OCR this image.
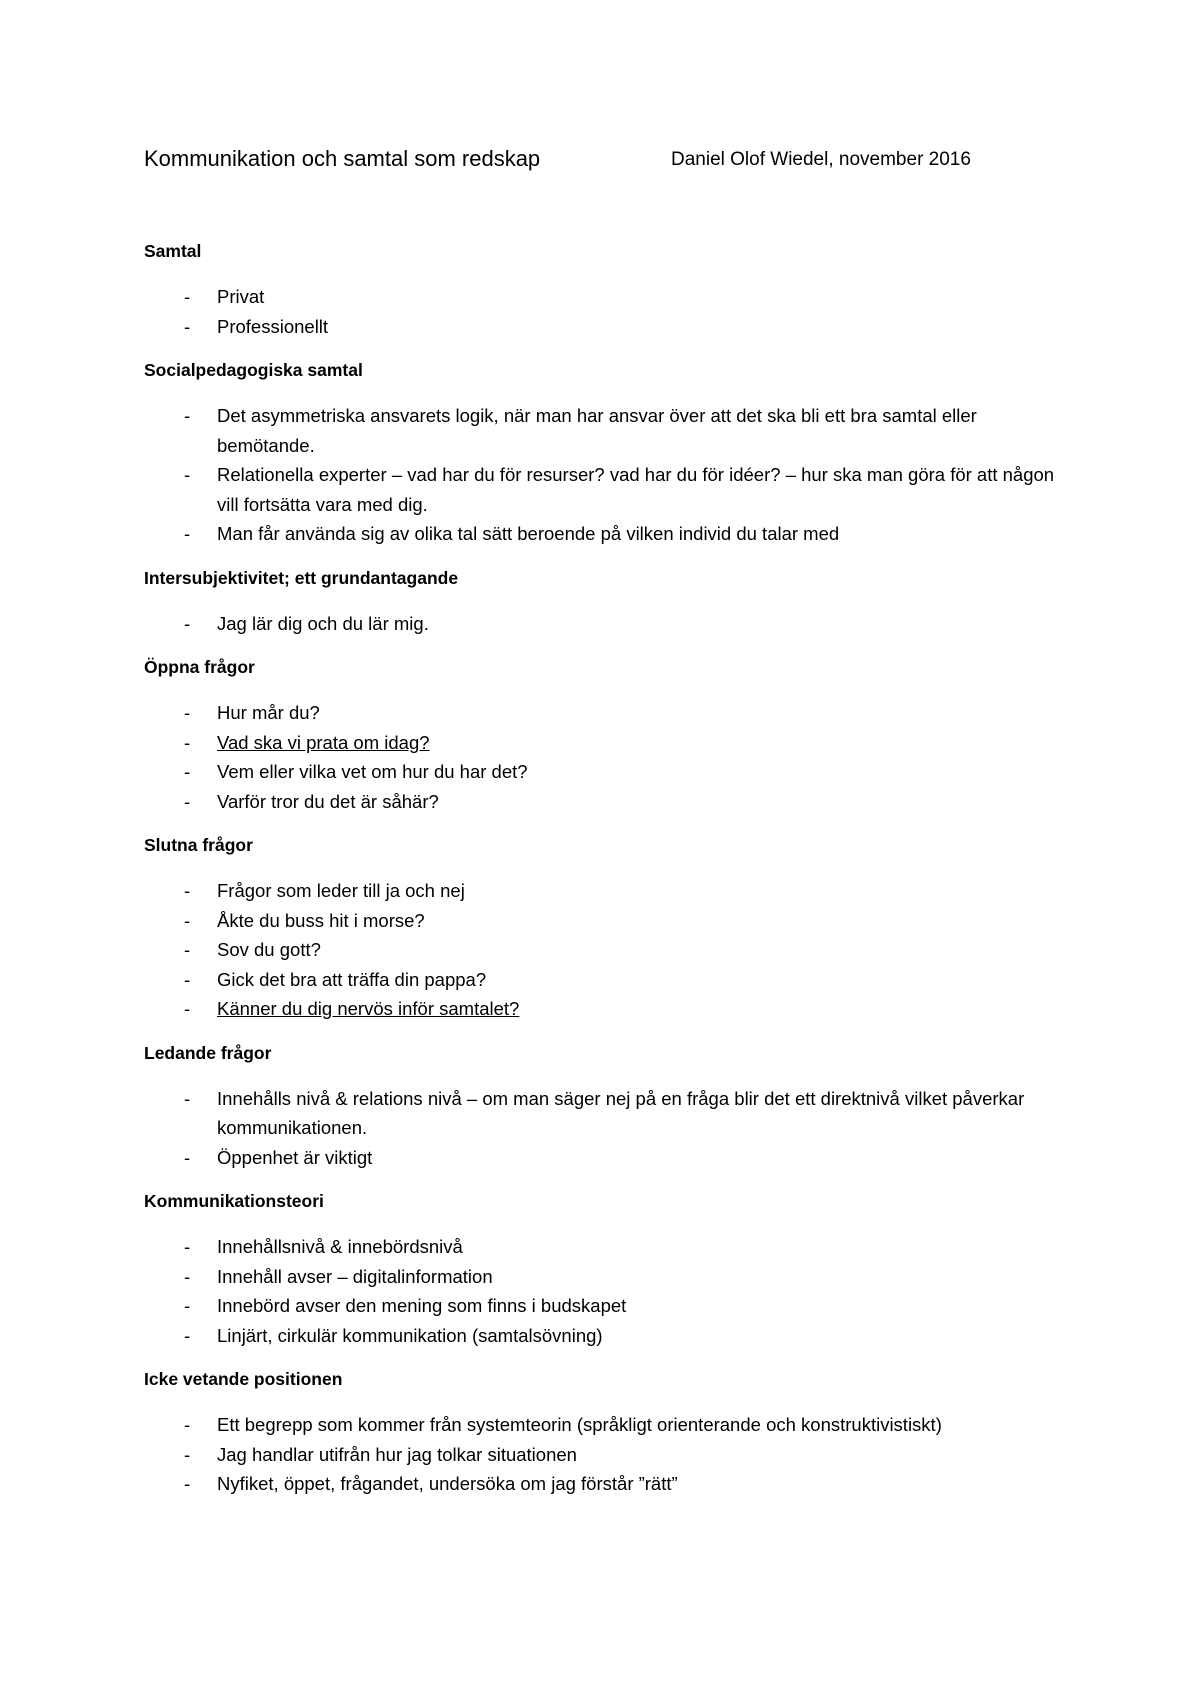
Kommunikation och samtal som redskap	Daniel Olof Wiedel, november 2016
Samtal
- Privat
- Professionellt
Socialpedagogiska samtal
- Det asymmetriska ansvarets logik, när man har ansvar över att det ska bli ett bra samtal eller bemötande.
- Relationella experter – vad har du för resurser? vad har du för idéer? – hur ska man göra för att någon vill fortsätta vara med dig.
- Man får använda sig av olika tal sätt beroende på vilken individ du talar med
Intersubjektivitet; ett grundantagande
- Jag lär dig och du lär mig.
Öppna frågor
- Hur mår du?
- Vad ska vi prata om idag?
- Vem eller vilka vet om hur du har det?
- Varför tror du det är såhär?
Slutna frågor
- Frågor som leder till ja och nej
- Åkte du buss hit i morse?
- Sov du gott?
- Gick det bra att träffa din pappa?
- Känner du dig nervös inför samtalet?
Ledande frågor
- Innehålls nivå & relations nivå – om man säger nej på en fråga blir det ett direktnivå vilket påverkar kommunikationen.
- Öppenhet är viktigt
Kommunikationsteori
- Innehållsnivå & innebördsnivå
- Innehåll avser – digitalinformation
- Innebörd avser den mening som finns i budskapet
- Linjärt, cirkulär kommunikation (samtalsövning)
Icke vetande positionen
- Ett begrepp som kommer från systemteorin (språkligt orienterande och konstruktivistiskt)
- Jag handlar utifrån hur jag tolkar situationen
- Nyfiket, öppet, frågandet, undersöka om jag förstår ”rätt”
